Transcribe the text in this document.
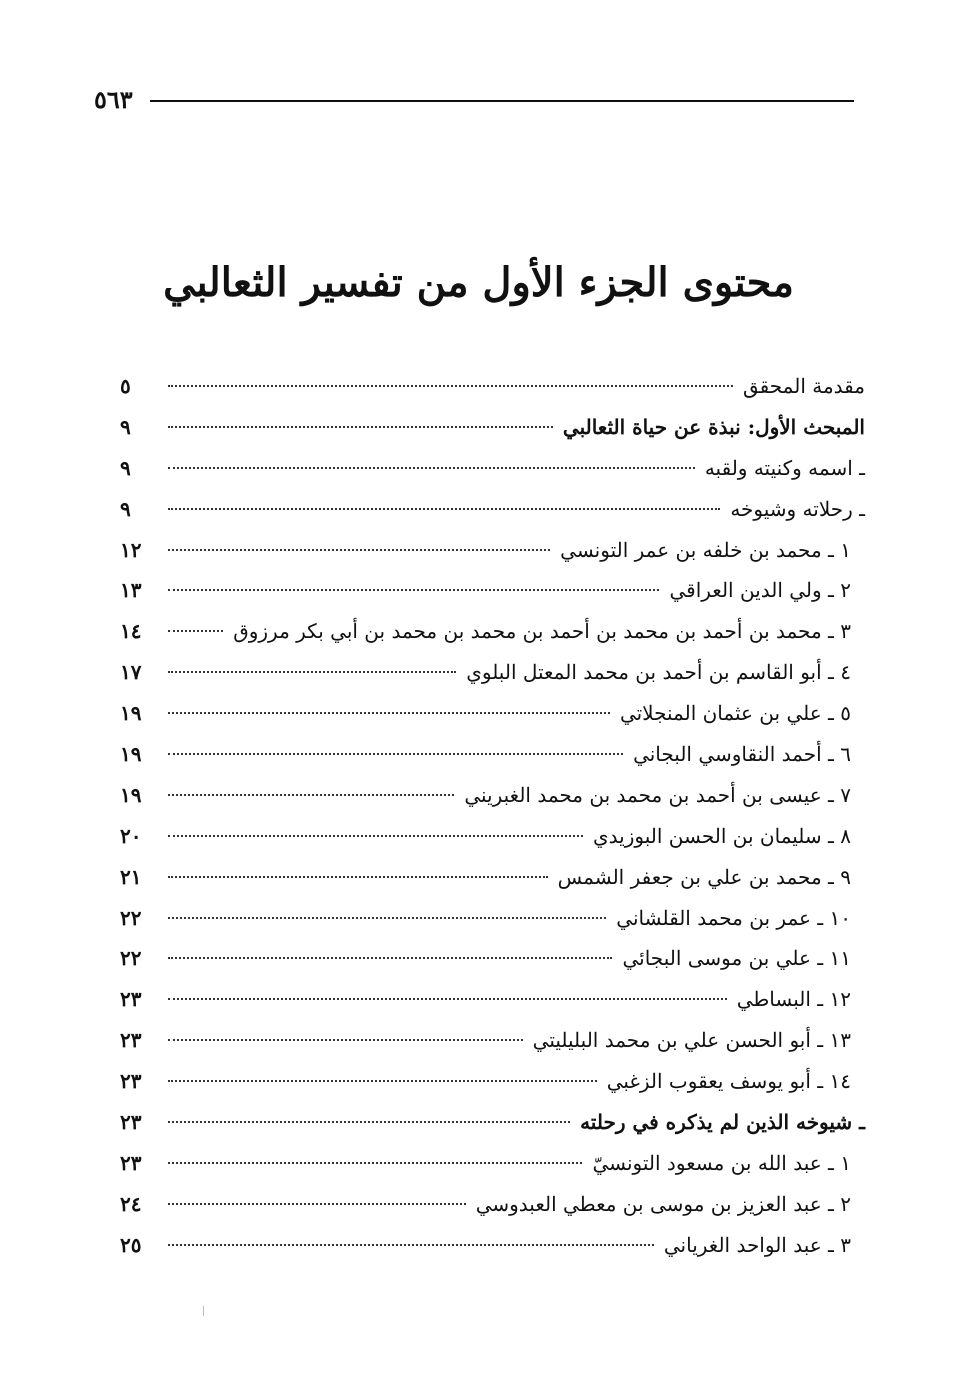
٥٦٣
محتوى الجزء الأول من تفسير الثعالبي
مقدمة المحقق
٥
المبحث الأول: نبذة عن حياة الثعالبي
٩
ـ اسمه وكنيته ولقبه
٩
ـ رحلاته وشيوخه
٩
١ ـ محمد بن خلفه بن عمر التونسي
١٢
٢ ـ ولي الدين العراقي
١٣
٣ ـ محمد بن أحمد بن محمد بن أحمد بن محمد بن محمد بن أبي بكر مرزوق
١٤
٤ ـ أبو القاسم بن أحمد بن محمد المعتل البلوي
١٧
٥ ـ علي بن عثمان المنجلاتي
١٩
٦ ـ أحمد النقاوسي البجاني
١٩
٧ ـ عيسى بن أحمد بن محمد بن محمد الغبريني
١٩
٨ ـ سليمان بن الحسن البوزيدي
٢٠
٩ ـ محمد بن علي بن جعفر الشمس
٢١
١٠ ـ عمر بن محمد القلشاني
٢٢
١١ ـ علي بن موسى البجائي
٢٢
١٢ ـ البساطي
٢٣
١٣ ـ أبو الحسن علي بن محمد البليليتي
٢٣
١٤ ـ أبو يوسف يعقوب الزغبي
٢٣
ـ شيوخه الذين لم يذكره في رحلته
٢٣
١ ـ عبد الله بن مسعود التونسيّ
٢٣
٢ ـ عبد العزيز بن موسى بن معطي العبدوسي
٢٤
٣ ـ عبد الواحد الغرياني
٢٥
